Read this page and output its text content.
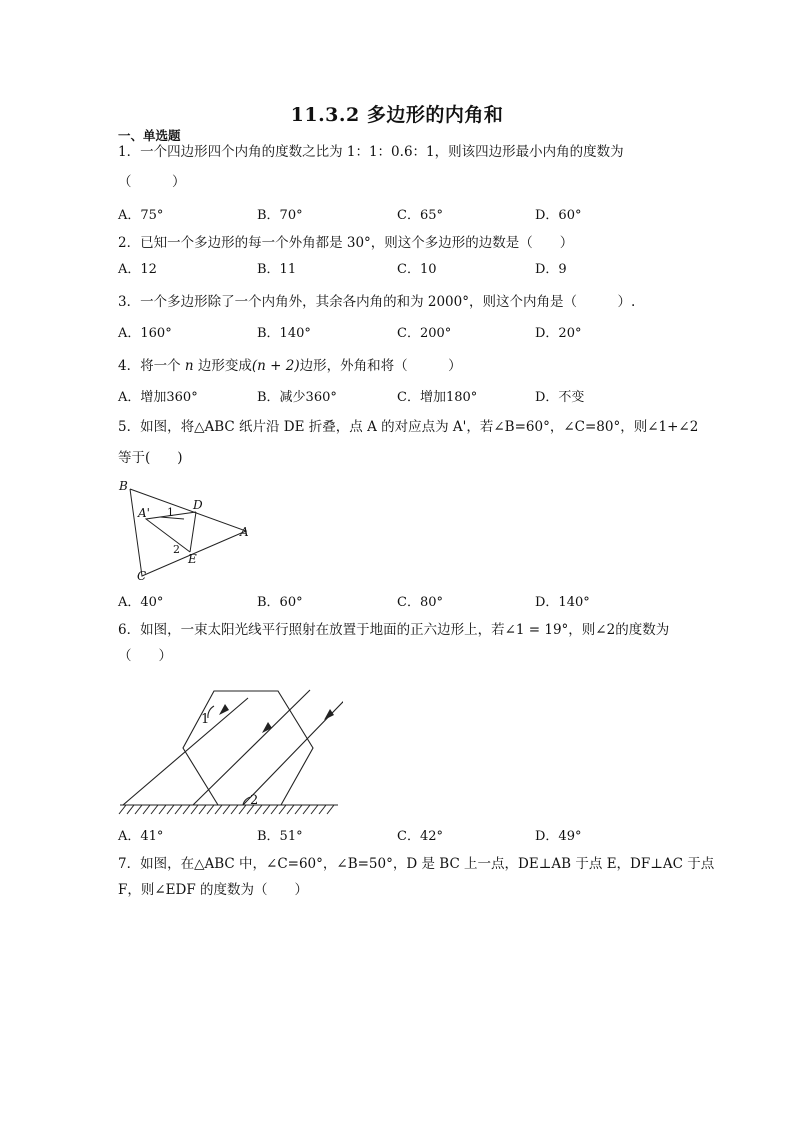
11.3.2 多边形的内角和
一、单选题
1．一个四边形四个内角的度数之比为 1：1：0.6：1，则该四边形最小内角的度数为
（　　　）
A．75°	B．70°	C．65°	D．60°
2．已知一个多边形的每一个外角都是 30°，则这个多边形的边数是（　　）
A．12	B．11	C．10	D．9
3．一个多边形除了一个内角外，其余各内角的和为 2000°，则这个内角是（　　　）.
A．160°	B．140°	C．200°	D．20°
4．将一个 n 边形变成(n + 2)边形，外角和将（　　　）
A．增加360°	B．减少360°	C．增加180°	D．不变
5．如图，将△ABC 纸片沿 DE 折叠，点 A 的对应点为 A'，若∠B=60°，∠C=80°，则∠1+∠2
等于(　　)
B
D
A'
A
E
C
1
2
A．40°	B．60°	C．80°	D．140°
6．如图，一束太阳光线平行照射在放置于地面的正六边形上，若∠1 = 19°，则∠2的度数为
（　　）
1
2
A．41°	B．51°	C．42°	D．49°
7．如图，在△ABC 中，∠C=60°，∠B=50°，D 是 BC 上一点，DE⊥AB 于点 E，DF⊥AC 于点
F，则∠EDF 的度数为（　　）
